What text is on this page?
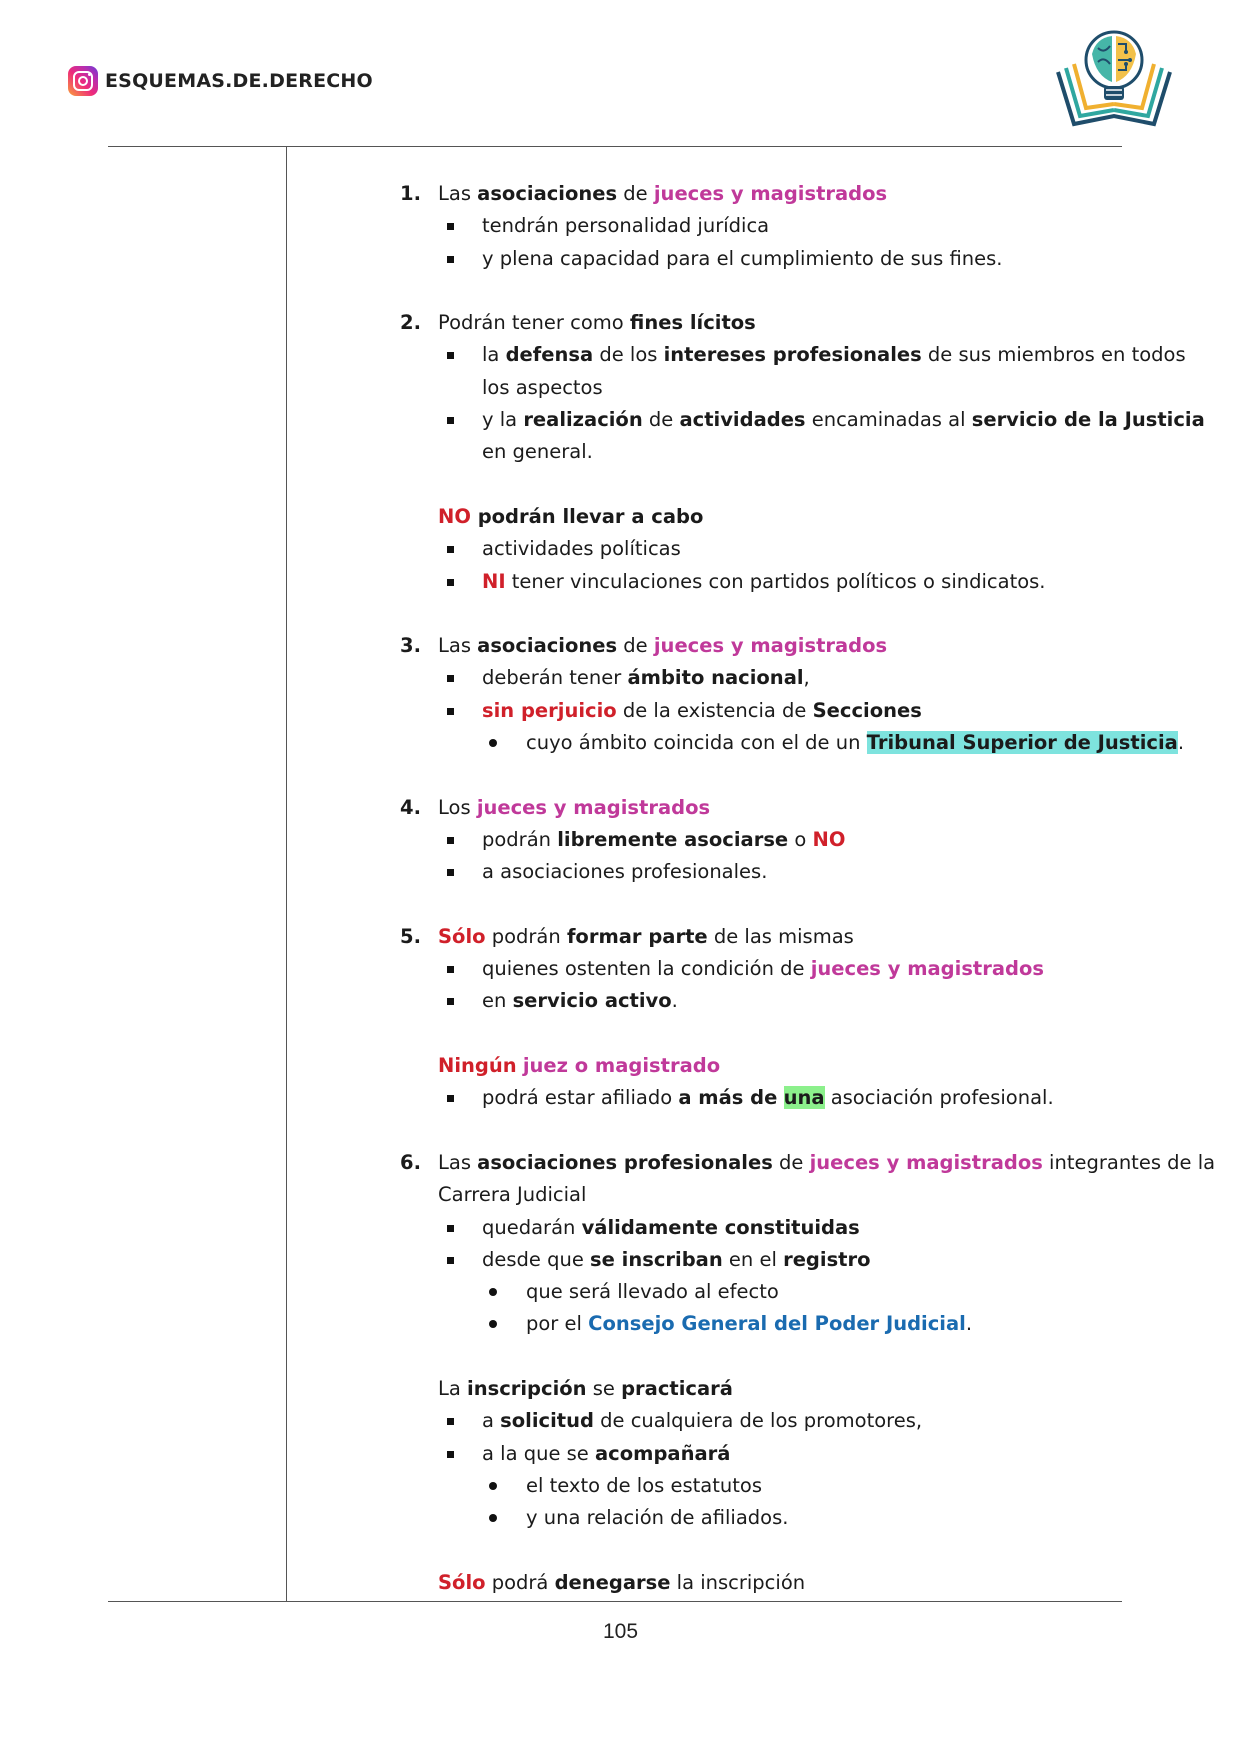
ESQUEMAS.DE.DERECHO
1. Las asociaciones de jueces y magistrados
tendrán personalidad jurídica
y plena capacidad para el cumplimiento de sus fines.
2. Podrán tener como fines lícitos
la defensa de los intereses profesionales de sus miembros en todos
los aspectos
y la realización de actividades encaminadas al servicio de la Justicia
en general.
NO podrán llevar a cabo
actividades políticas
NI tener vinculaciones con partidos políticos o sindicatos.
3. Las asociaciones de jueces y magistrados
deberán tener ámbito nacional,
sin perjuicio de la existencia de Secciones
cuyo ámbito coincida con el de un Tribunal Superior de Justicia.
4. Los jueces y magistrados
podrán libremente asociarse o NO
a asociaciones profesionales.
5. Sólo podrán formar parte de las mismas
quienes ostenten la condición de jueces y magistrados
en servicio activo.
Ningún juez o magistrado
podrá estar afiliado a más de una asociación profesional.
6. Las asociaciones profesionales de jueces y magistrados integrantes de la
Carrera Judicial
quedarán válidamente constituidas
desde que se inscriban en el registro
que será llevado al efecto
por el Consejo General del Poder Judicial.
La inscripción se practicará
a solicitud de cualquiera de los promotores,
a la que se acompañará
el texto de los estatutos
y una relación de afiliados.
Sólo podrá denegarse la inscripción
105
